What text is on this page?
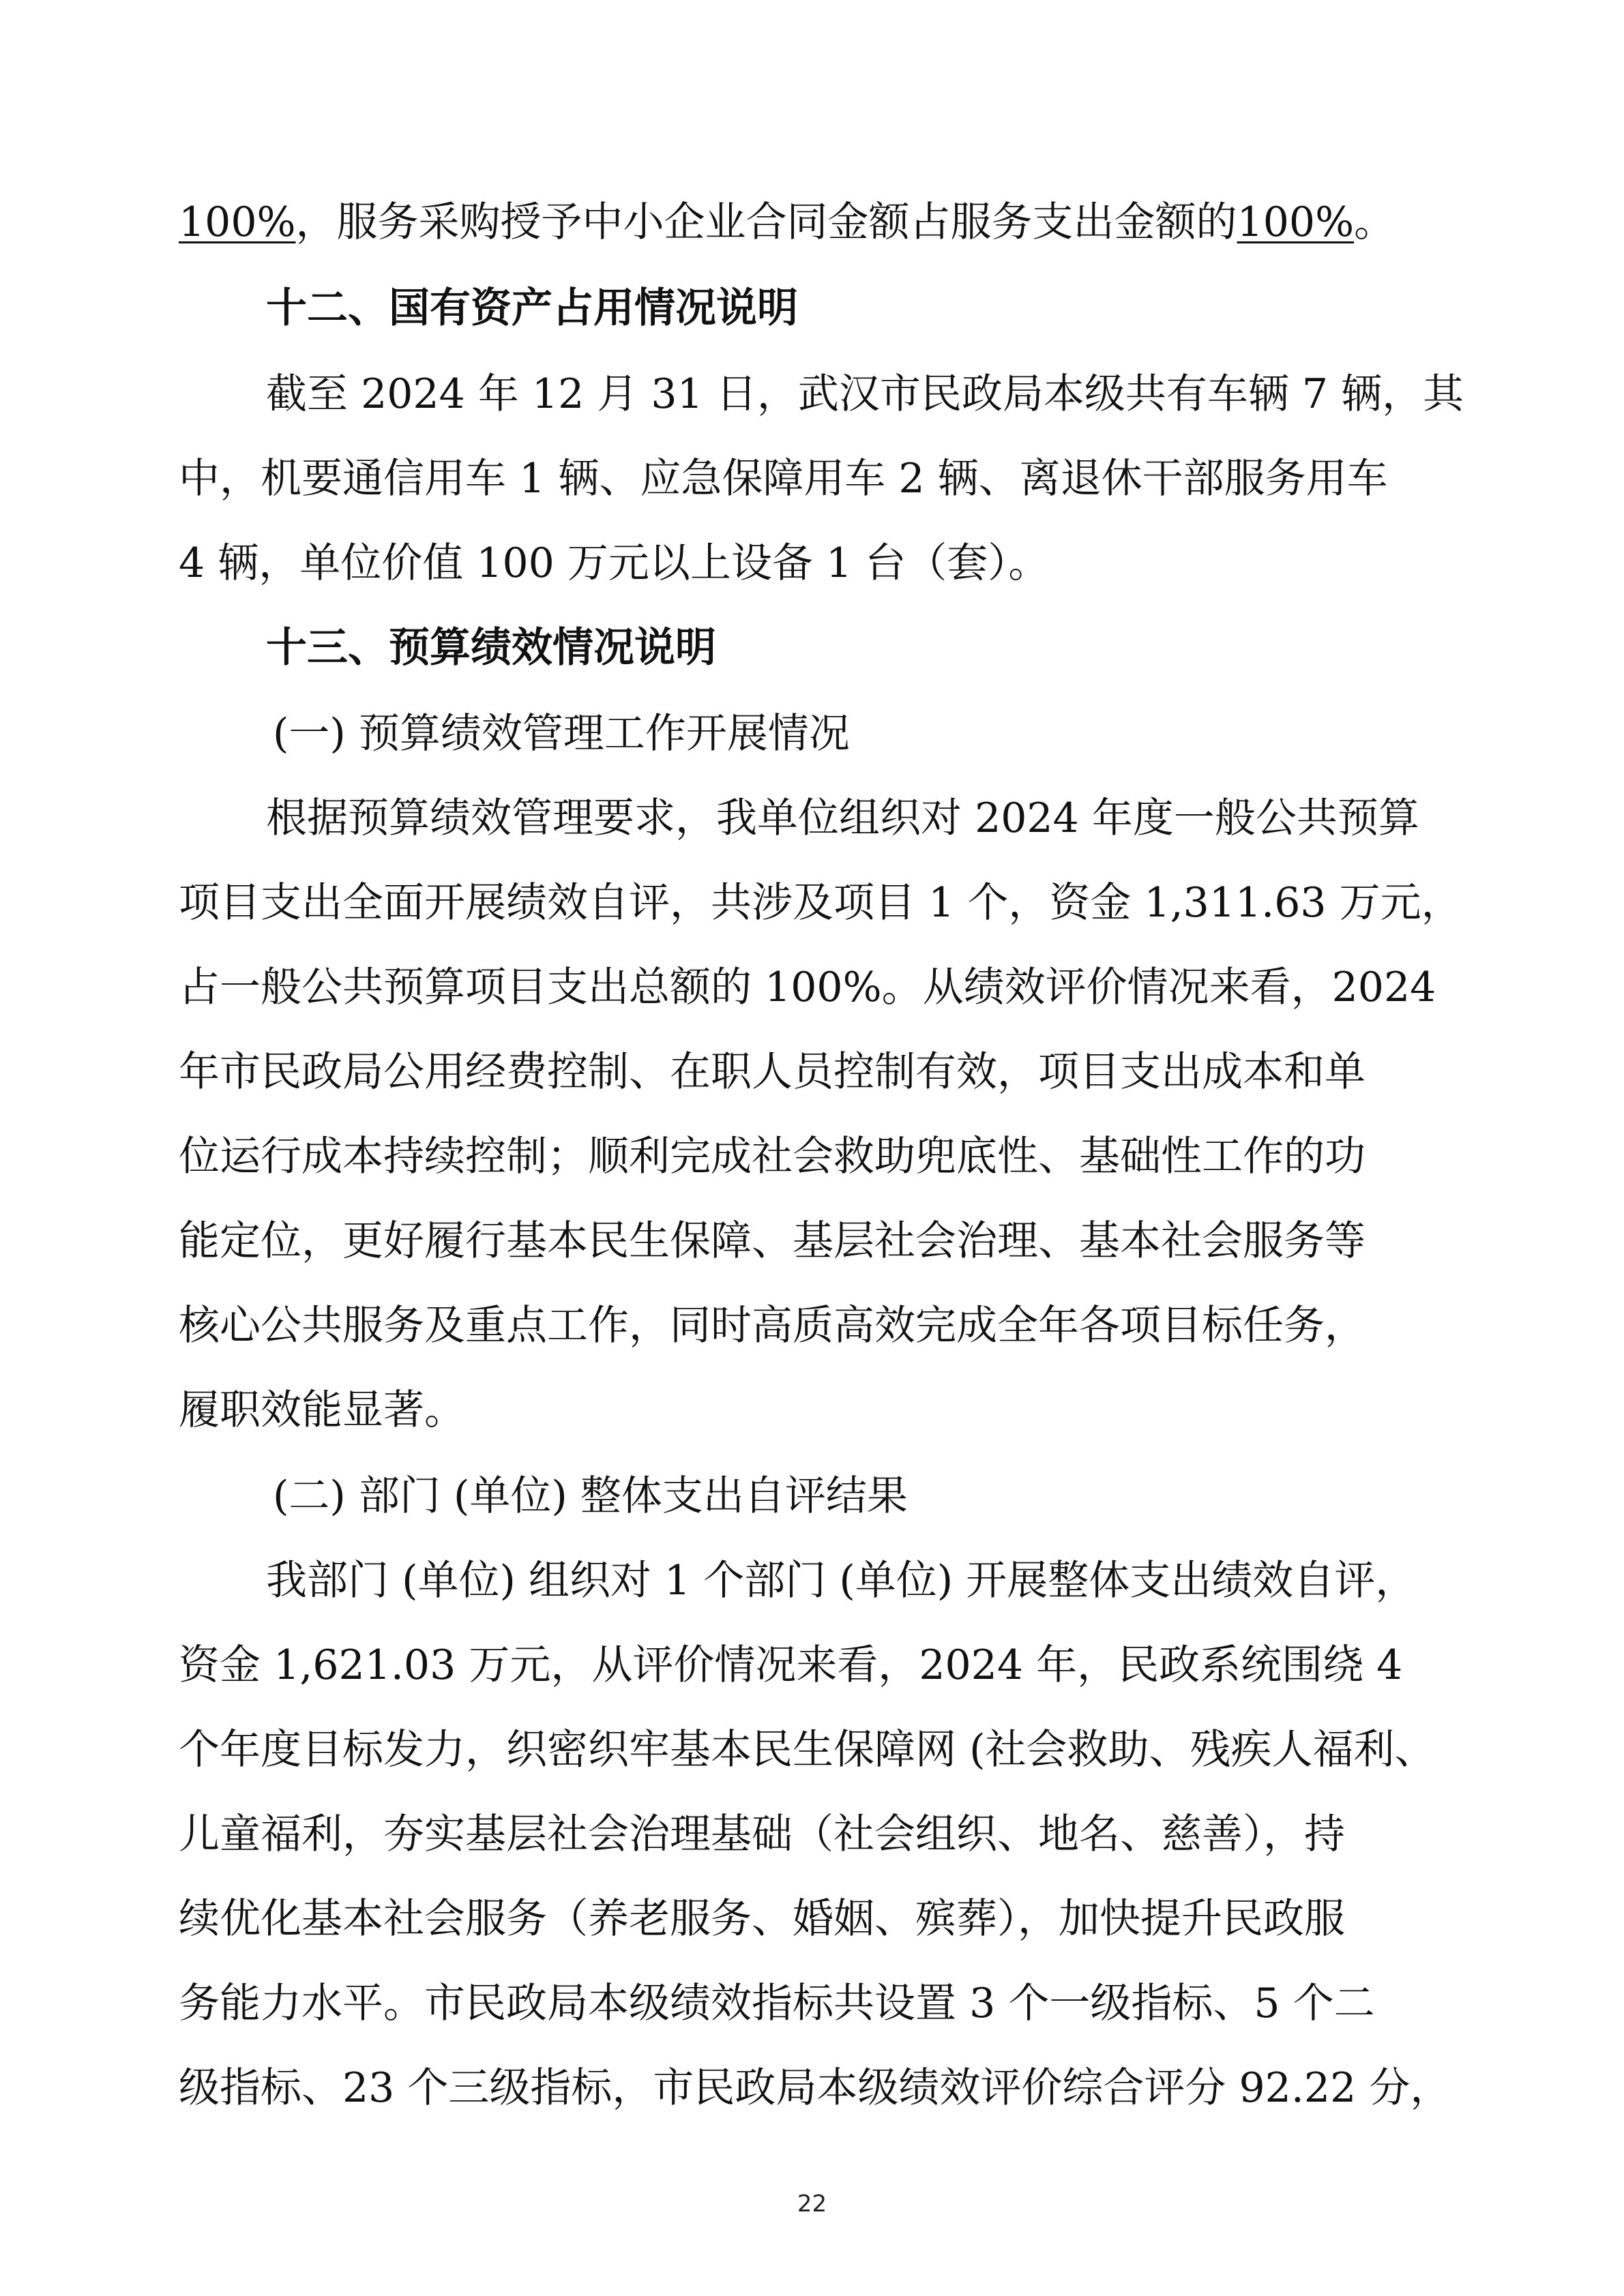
100%，服务采购授予中小企业合同金额占服务支出金额的100%。
十二、国有资产占用情况说明
截至 2024 年 12 月 31 日，武汉市民政局本级共有车辆 7 辆，其
中，机要通信用车 1 辆、应急保障用车 2 辆、离退休干部服务用车
4 辆，单位价值 100 万元以上设备 1 台（套）。
十三、预算绩效情况说明
(一) 预算绩效管理工作开展情况
根据预算绩效管理要求，我单位组织对 2024 年度一般公共预算
项目支出全面开展绩效自评，共涉及项目 1 个，资金 1,311.63 万元，
占一般公共预算项目支出总额的 100%。从绩效评价情况来看，2024
年市民政局公用经费控制、在职人员控制有效，项目支出成本和单
位运行成本持续控制；顺利完成社会救助兜底性、基础性工作的功
能定位，更好履行基本民生保障、基层社会治理、基本社会服务等
核心公共服务及重点工作，同时高质高效完成全年各项目标任务，
履职效能显著。
(二) 部门 (单位) 整体支出自评结果
我部门 (单位) 组织对 1 个部门 (单位) 开展整体支出绩效自评，
资金 1,621.03 万元，从评价情况来看，2024 年，民政系统围绕 4
个年度目标发力，织密织牢基本民生保障网 (社会救助、残疾人福利、
儿童福利，夯实基层社会治理基础（社会组织、地名、慈善），持
续优化基本社会服务（养老服务、婚姻、殡葬），加快提升民政服
务能力水平。市民政局本级绩效指标共设置 3 个一级指标、5 个二
级指标、23 个三级指标，市民政局本级绩效评价综合评分 92.22 分，
22
